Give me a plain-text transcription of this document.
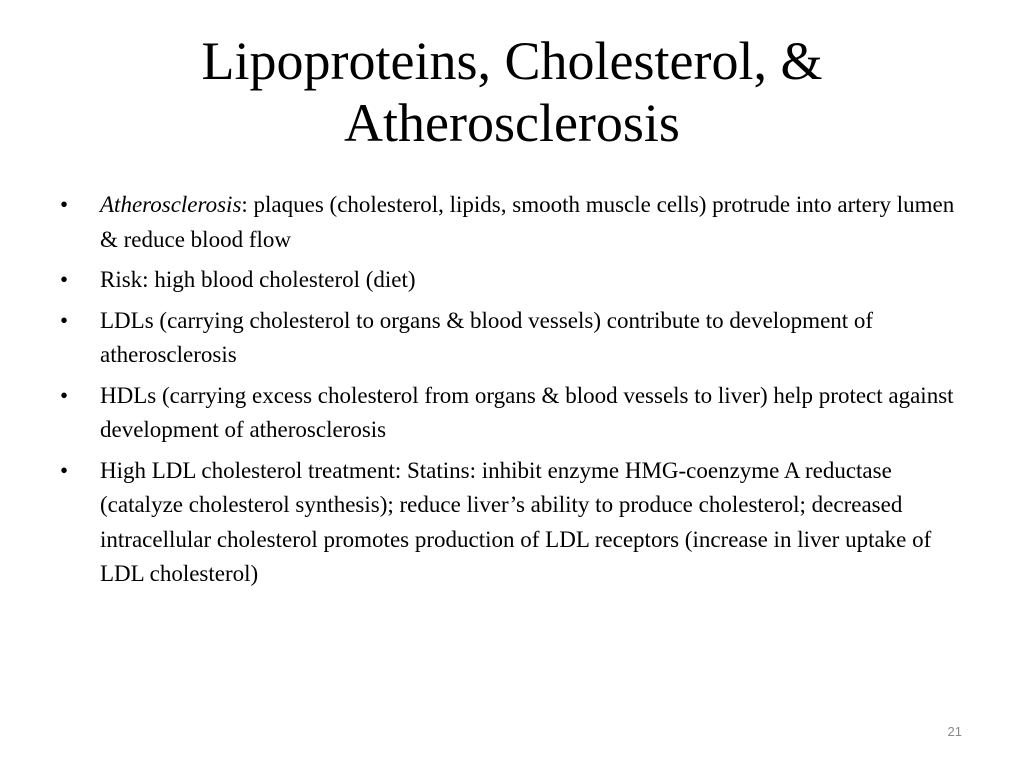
Lipoproteins, Cholesterol, &
Atherosclerosis
•	Atherosclerosis: plaques (cholesterol, lipids, smooth muscle cells) protrude into artery lumen & reduce blood flow
•	Risk: high blood cholesterol (diet)
•	LDLs (carrying cholesterol to organs & blood vessels) contribute to development of atherosclerosis
•	HDLs (carrying excess cholesterol from organs & blood vessels to liver) help protect against development of atherosclerosis
•	High LDL cholesterol treatment: Statins: inhibit enzyme HMG-coenzyme A reductase (catalyze cholesterol synthesis); reduce liver’s ability to produce cholesterol; decreased intracellular cholesterol promotes production of LDL receptors (increase in liver uptake of LDL cholesterol)
21
